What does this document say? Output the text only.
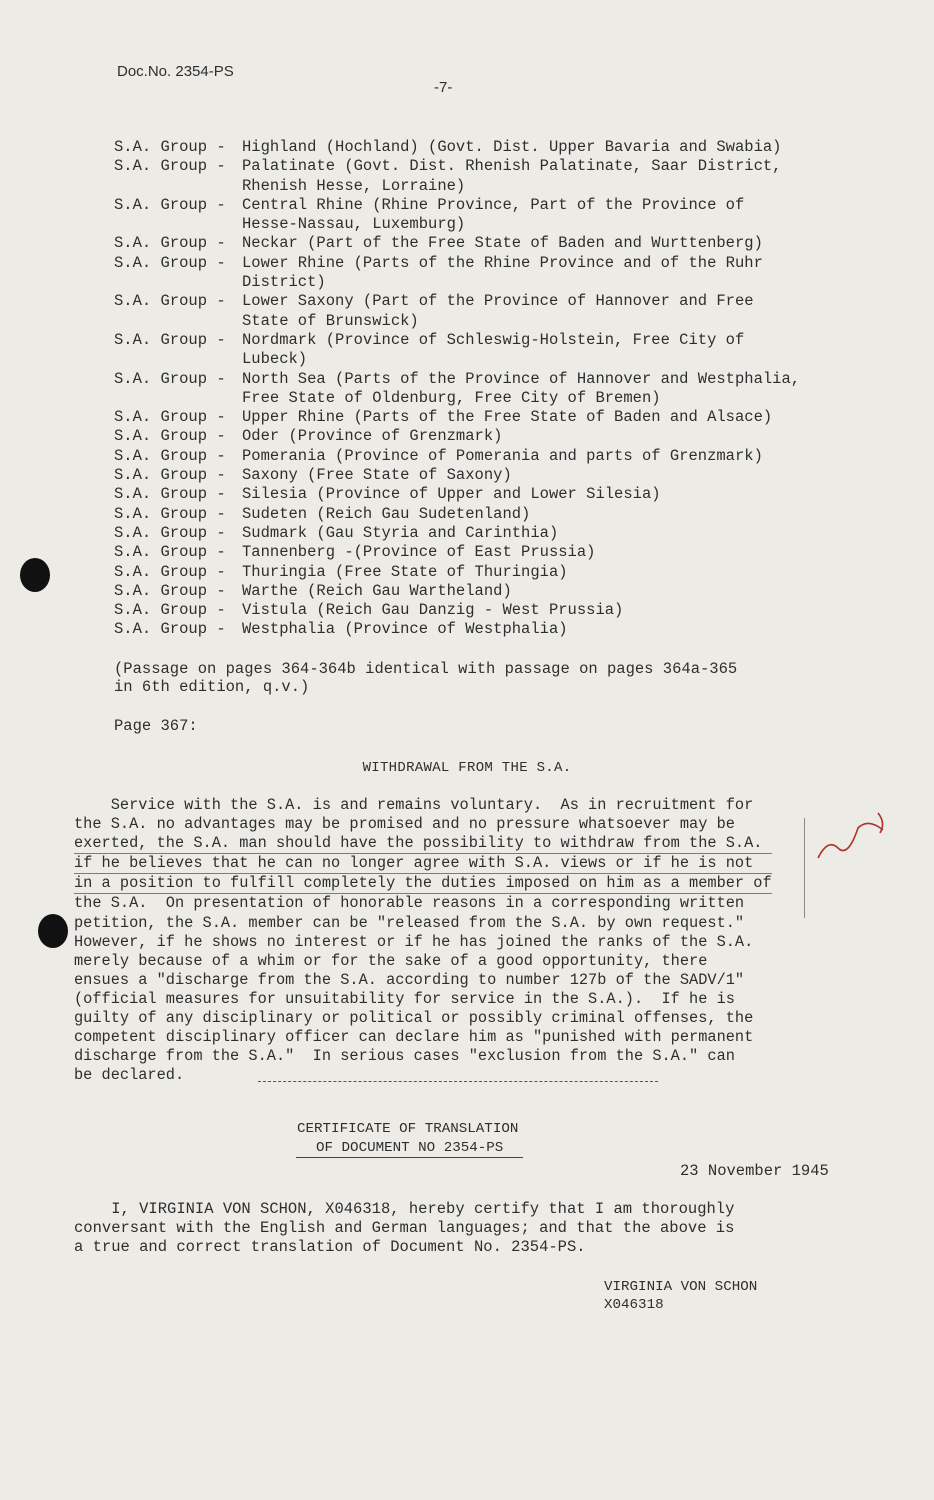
Doc.No. 2354-PS
-7-
S.A. Group - Highland (Hochland) (Govt. Dist. Upper Bavaria and Swabia)
S.A. Group - Palatinate (Govt. Dist. Rhenish Palatinate, Saar District,
Rhenish Hesse, Lorraine)
S.A. Group - Central Rhine (Rhine Province, Part of the Province of
Hesse-Nassau, Luxemburg)
S.A. Group - Neckar (Part of the Free State of Baden and Wurttenberg)
S.A. Group - Lower Rhine (Parts of the Rhine Province and of the Ruhr
District)
S.A. Group - Lower Saxony (Part of the Province of Hannover and Free
State of Brunswick)
S.A. Group - Nordmark (Province of Schleswig-Holstein, Free City of
Lubeck)
S.A. Group - North Sea (Parts of the Province of Hannover and Westphalia,
Free State of Oldenburg, Free City of Bremen)
S.A. Group - Upper Rhine (Parts of the Free State of Baden and Alsace)
S.A. Group - Oder (Province of Grenzmark)
S.A. Group - Pomerania (Province of Pomerania and parts of Grenzmark)
S.A. Group - Saxony (Free State of Saxony)
S.A. Group - Silesia (Province of Upper and Lower Silesia)
S.A. Group - Sudeten (Reich Gau Sudetenland)
S.A. Group - Sudmark (Gau Styria and Carinthia)
S.A. Group - Tannenberg -(Province of East Prussia)
S.A. Group - Thuringia (Free State of Thuringia)
S.A. Group - Warthe (Reich Gau Wartheland)
S.A. Group - Vistula (Reich Gau Danzig - West Prussia)
S.A. Group - Westphalia (Province of Westphalia)
(Passage on pages 364-364b identical with passage on pages 364a-365
in 6th edition, q.v.)
Page 367:
WITHDRAWAL FROM THE S.A.
Service with the S.A. is and remains voluntary.  As in recruitment for
the S.A. no advantages may be promised and no pressure whatsoever may be
exerted, the S.A. man should have the possibility to withdraw from the S.A.
if he believes that he can no longer agree with S.A. views or if he is not
in a position to fulfill completely the duties imposed on him as a member of
the S.A.  On presentation of honorable reasons in a corresponding written
petition, the S.A. member can be "released from the S.A. by own request."
However, if he shows no interest or if he has joined the ranks of the S.A.
merely because of a whim or for the sake of a good opportunity, there
ensues a "discharge from the S.A. according to number 127b of the SADV/1"
(official measures for unsuitability for service in the S.A.).  If he is
guilty of any disciplinary or political or possibly criminal offenses, the
competent disciplinary officer can declare him as "punished with permanent
discharge from the S.A."  In serious cases "exclusion from the S.A." can
be declared.
CERTIFICATE OF TRANSLATION
OF DOCUMENT NO 2354-PS
23 November 1945
I, VIRGINIA VON SCHON, X046318, hereby certify that I am thoroughly
conversant with the English and German languages; and that the above is
a true and correct translation of Document No. 2354-PS.
VIRGINIA VON SCHON
X046318
